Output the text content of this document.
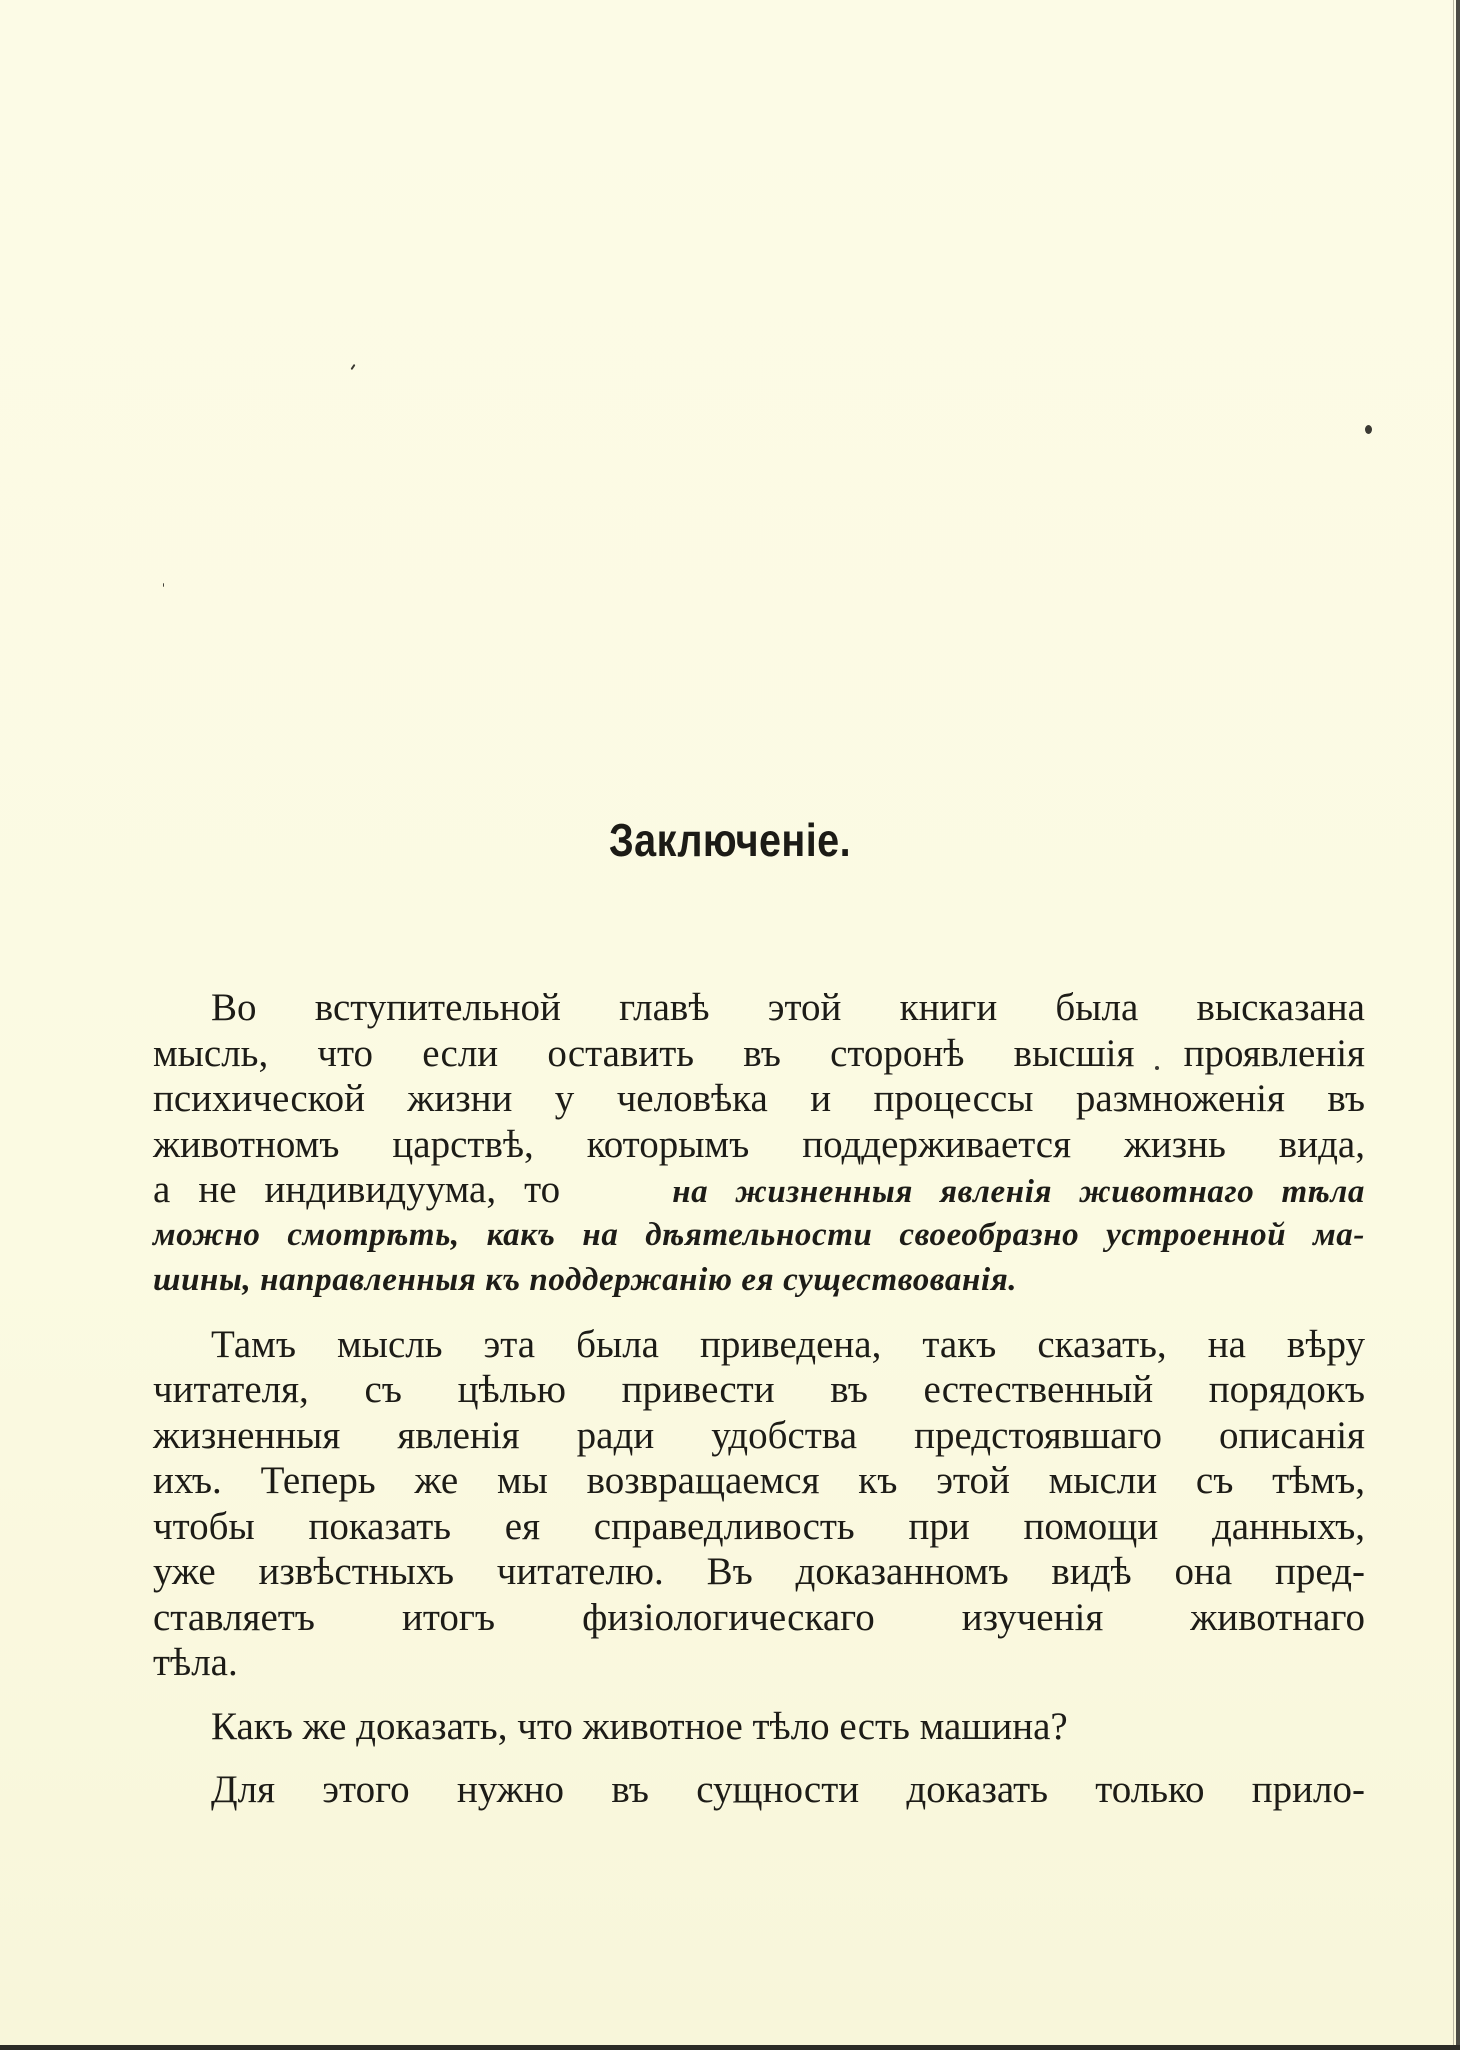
Заключенiе.
Во вступительной главѣ этой книги была высказана
мысль, что если оставить въ сторонѣ высшiя проявленiя
психической жизни у человѣка и процессы размноженiя въ
животномъ царствѣ, которымъ поддерживается жизнь вида,
а не индивидуума, то	на жизненныя явленiя животнаго тѣла
можно смотрѣть, какъ на дѣятельности своеобразно устроенной ма-
шины, направленныя къ поддержанiю ея существованiя.
Тамъ мысль эта была приведена, такъ сказать, на вѣру
читателя, съ цѣлью привести въ естественный порядокъ
жизненныя явленiя ради удобства предстоявшаго описанiя
ихъ. Теперь же мы возвращаемся къ этой мысли съ тѣмъ,
чтобы показать ея справедливость при помощи данныхъ,
уже извѣстныхъ читателю. Въ доказанномъ видѣ она пред-
ставляетъ итогъ физiологическаго изученiя животнаго
тѣла.
Какъ же доказать, что животное тѣло есть машина?
Для этого нужно въ сущности доказать только прило-
